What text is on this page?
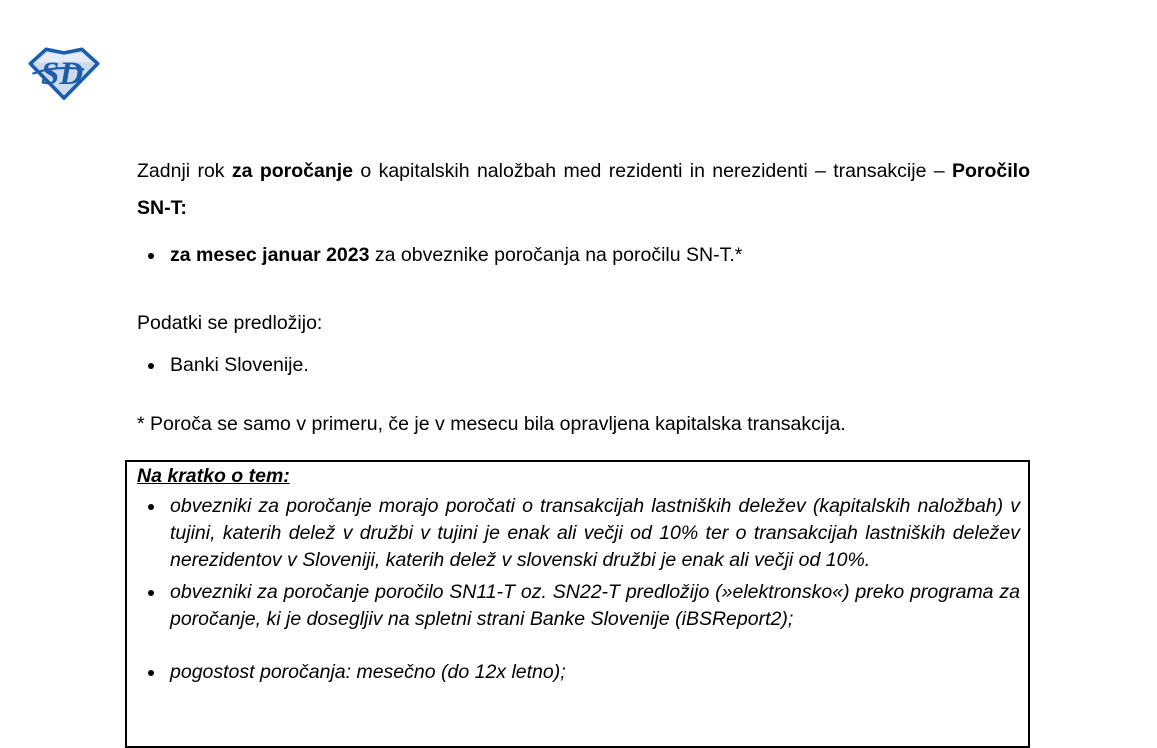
SD

Zadnji rok za poročanje o kapitalskih naložbah med rezidenti in nerezidenti – transakcije – Poročilo SN-T:

• za mesec januar 2023 za obveznike poročanja na poročilu SN-T.*

Podatki se predložijo:

• Banki Slovenije.

* Poroča se samo v primeru, če je v mesecu bila opravljena kapitalska transakcija.

Na kratko o tem:
• obvezniki za poročanje morajo poročati o transakcijah lastniških deležev (kapitalskih naložbah) v tujini, katerih delež v družbi v tujini je enak ali večji od 10% ter o transakcijah lastniških deležev nerezidentov v Sloveniji, katerih delež v slovenski družbi je enak ali večji od 10%.
• obvezniki za poročanje poročilo SN11-T oz. SN22-T predložijo (»elektronsko«) preko programa za poročanje, ki je dosegljiv na spletni strani Banke Slovenije (iBSReport2);
• pogostost poročanja: mesečno (do 12x letno);
